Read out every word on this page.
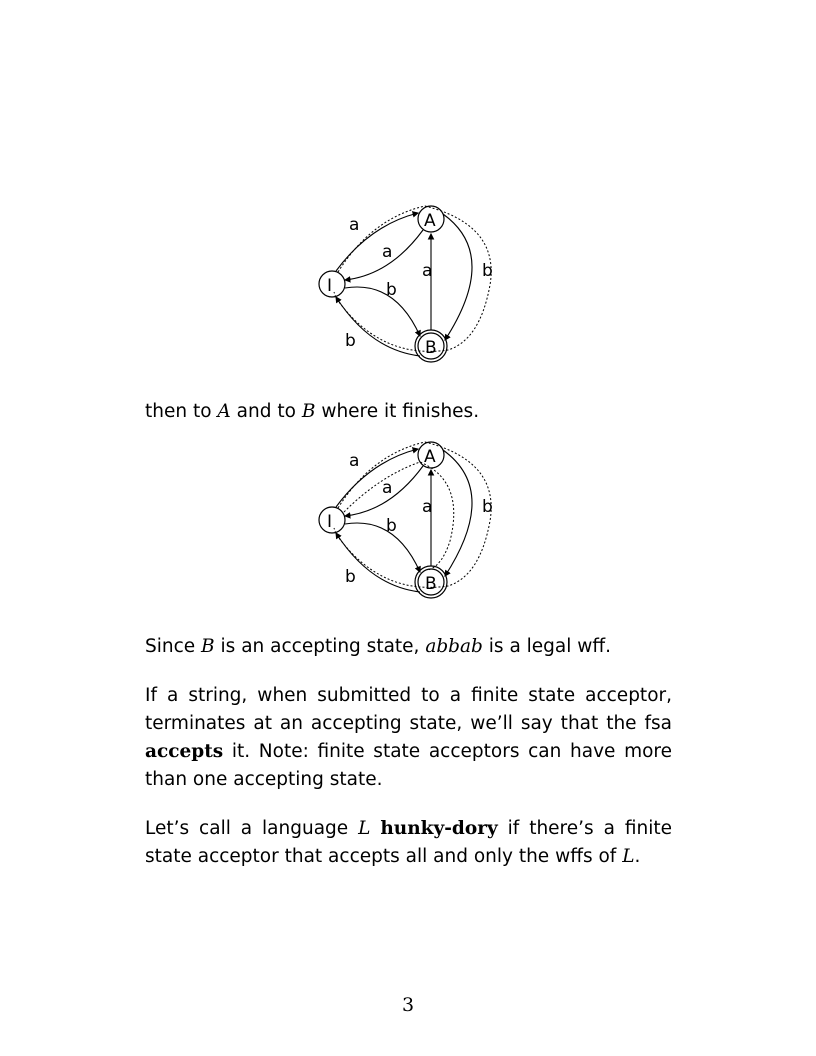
I
A
B
a
a
a	b
b
b
then to A and to B where it finishes.
I
A
B
a
a
a	b
b
b
Since B is an accepting state, abbab is a legal wff.
If a string, when submitted to a finite state acceptor, terminates at an accepting state, we’ll say that the fsa accepts it. Note: finite state acceptors can have more than one accepting state.
Let’s call a language L hunky-dory if there’s a finite state acceptor that accepts all and only the wffs of L.
3
